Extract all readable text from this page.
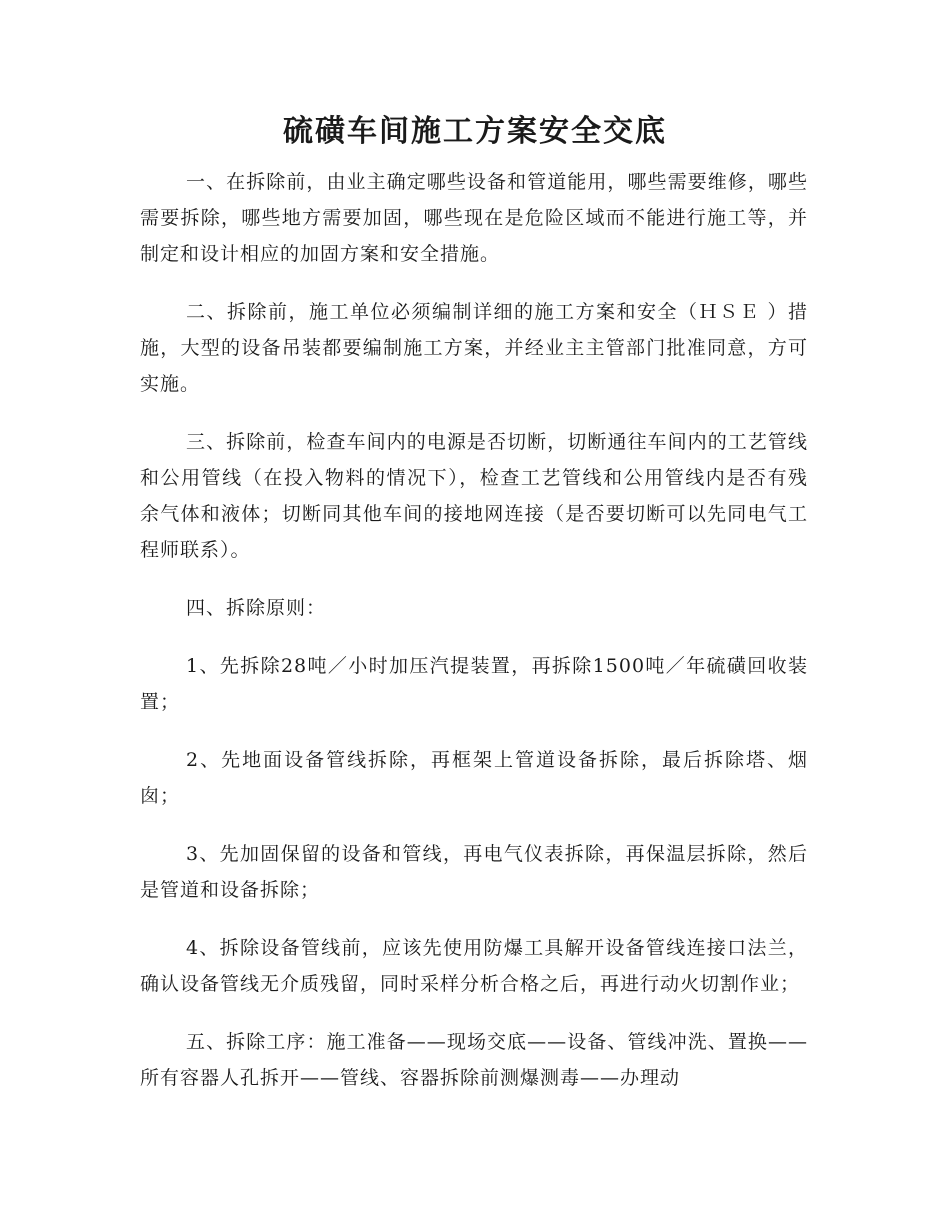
硫磺车间施工方案安全交底

一、在拆除前，由业主确定哪些设备和管道能用，哪些需要维修，哪些需要拆除，哪些地方需要加固，哪些现在是危险区域而不能进行施工等，并制定和设计相应的加固方案和安全措施。

二、拆除前，施工单位必须编制详细的施工方案和安全（ＨＳＥ ）措施，大型的设备吊装都要编制施工方案，并经业主主管部门批准同意，方可实施。

三、拆除前，检查车间内的电源是否切断，切断通往车间内的工艺管线和公用管线（在投入物料的情况下），检查工艺管线和公用管线内是否有残余气体和液体；切断同其他车间的接地网连接（是否要切断可以先同电气工程师联系）。

四、拆除原则：

1、先拆除28吨／小时加压汽提装置，再拆除1500吨／年硫磺回收装置；

2、先地面设备管线拆除，再框架上管道设备拆除，最后拆除塔、烟囱；

3、先加固保留的设备和管线，再电气仪表拆除，再保温层拆除，然后是管道和设备拆除；

4、拆除设备管线前，应该先使用防爆工具解开设备管线连接口法兰，确认设备管线无介质残留，同时采样分析合格之后，再进行动火切割作业；

五、拆除工序：施工准备——现场交底——设备、管线冲洗、置换——所有容器人孔拆开——管线、容器拆除前测爆测毒——办理动
